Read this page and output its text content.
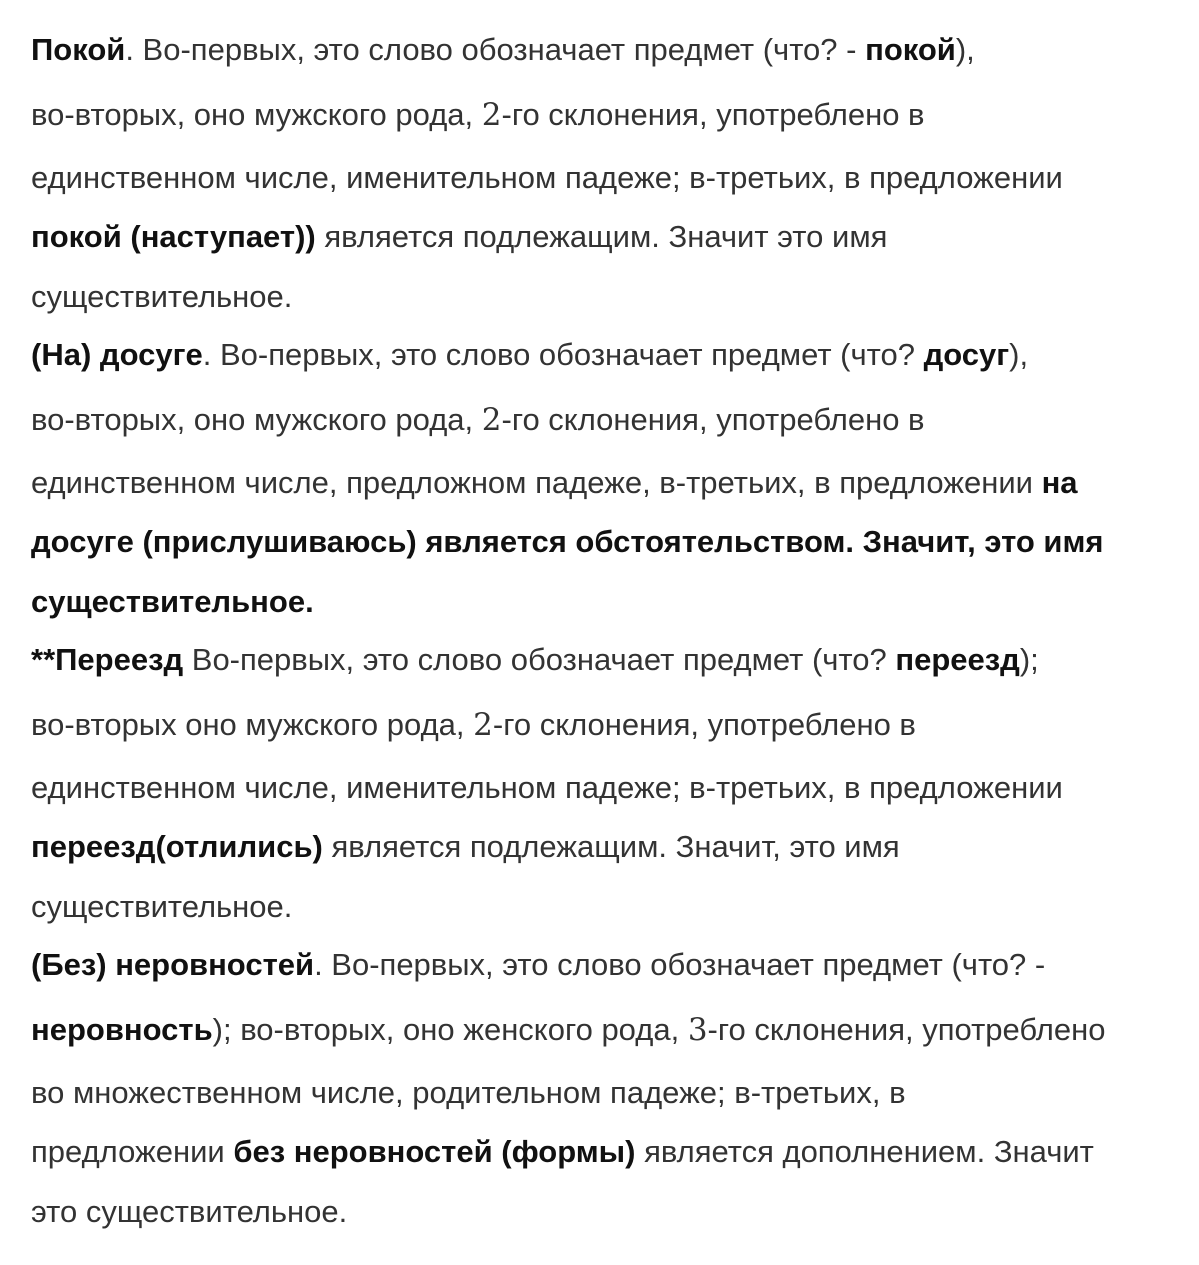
Покой. Во-первых, это слово обозначает предмет (что? - покой),
во-вторых, оно мужского рода, 2-го склонения, употреблено в
единственном числе, именительном падеже; в-третьих, в предложении
покой (наступает)) является подлежащим. Значит это имя
существительное.
(На) досуге. Во-первых, это слово обозначает предмет (что? досуг),
во-вторых, оно мужского рода, 2-го склонения, употреблено в
единственном числе, предложном падеже, в-третьих, в предложении на
досуге (прислушиваюсь) является обстоятельством. Значит, это имя
существительное.
**Переезд Во-первых, это слово обозначает предмет (что? переезд);
во-вторых оно мужского рода, 2-го склонения, употреблено в
единственном числе, именительном падеже; в-третьих, в предложении
переезд(отлились) является подлежащим. Значит, это имя
существительное.
(Без) неровностей. Во-первых, это слово обозначает предмет (что? -
неровность); во-вторых, оно женского рода, 3-го склонения, употреблено
во множественном числе, родительном падеже; в-третьих, в
предложении без неровностей (формы) является дополнением. Значит
это существительное.
